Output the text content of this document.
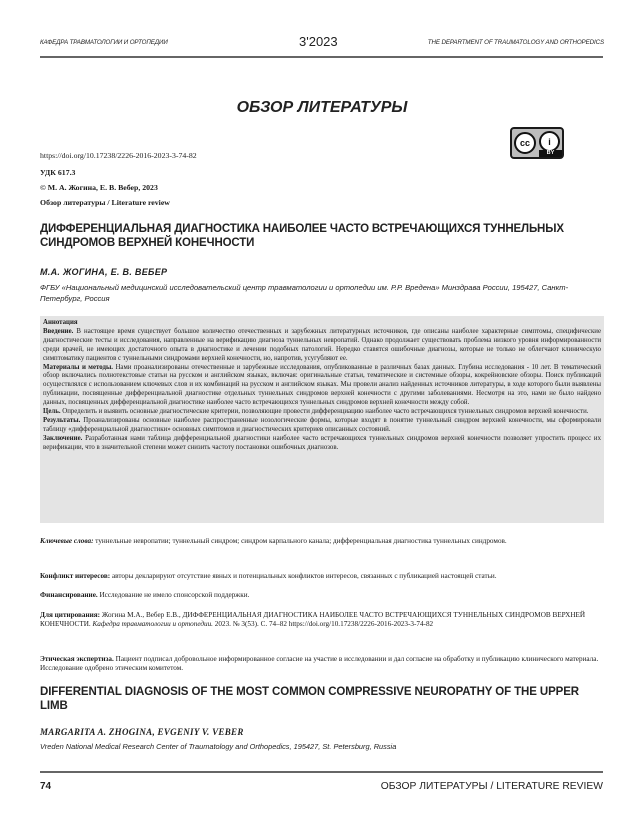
КАФЕДРА ТРАВМАТОЛОГИИ И ОРТОПЕДИИ	3'2023	THE DEPARTMENT OF TRAUMATOLOGY AND ORTHOPEDICS
ОБЗОР ЛИТЕРАТУРЫ
cc	i
BY
https://doi.org/10.17238/2226-2016-2023-3-74-82
УДК 617.3
© М. А. Жогина, Е. В. Вебер, 2023
Обзор литературы / Literature review
ДИФФЕРЕНЦИАЛЬНАЯ ДИАГНОСТИКА НАИБОЛЕЕ ЧАСТО ВСТРЕЧАЮЩИХСЯ ТУННЕЛЬНЫХ СИНДРОМОВ ВЕРХНЕЙ КОНЕЧНОСТИ
М.А. ЖОГИНА, Е. В. ВЕБЕР
ФГБУ «Национальный медицинский исследовательский центр травматологии и ортопедии им. Р.Р. Вредена» Минздрава России, 195427, Санкт-Петербург, Россия

Аннотация

Введение. В настоящее время существует большое количество отечественных и зарубежных литературных источников, где описаны наиболее характерные симптомы, специфические диагностические тесты и исследования, направленные на верификацию диагноза туннельных невропатий. Однако продолжает существовать проблема низкого уровня информированности среди врачей, не имеющих достаточного опыта в диагностике и лечении подобных патологий. Нередко ставятся ошибочные диагнозы, которые не только не облегчают клиническую симптоматику пациентов с туннельными синдромами верхней конечности, но, напротив, усугубляют ее.

Материалы и методы. Нами проанализированы отечественные и зарубежные исследования, опубликованные в различных базах данных. Глубина исследования - 10 лет. В тематический обзор включались полнотекстовые статьи на русском и английском языках, включая: оригинальные статьи, тематические и системные обзоры, кокрейновские обзоры. Поиск публикаций осуществлялся с использованием ключевых слов и их комбинаций на русском и английском языках. Мы провели анализ найденных источников литературы, в ходе которого были выявлены публикации, посвященные дифференциальной диагностике отдельных туннельных синдромов верхней конечности с другими заболеваниями. Несмотря на это, нами не было найдено данных, посвященных дифференциальной диагностике наиболее часто встречающихся туннельных синдромов верхней конечности между собой.

Цель. Определить и выявить основные диагностические критерии, позволяющие провести дифференциацию наиболее часто встречающихся туннельных синдромов верхней конечности.

Результаты. Проанализированы основные наиболее распространенные нозологические формы, которые входят в понятие туннельный синдром верхней конечности, мы сформировали таблицу «дифференциальной диагностики» основных симптомов и диагностических критериев описанных состояний.

Заключение. Разработанная нами таблица дифференциальной диагностики наиболее часто встречающихся туннельных синдромов верхней конечности позволяет упростить процесс их верификации, что в значительной степени может снизить частоту постановки ошибочных диагнозов.

Ключевые слова: туннельные невропатии; туннельный синдром; синдром карпального канала; дифференциальная диагностика туннельных синдромов.
Конфликт интересов: авторы декларируют отсутствие явных и потенциальных конфликтов интересов, связанных с публикацией настоящей статьи.
Финансирование. Исследование не имело спонсорской поддержки.
Для цитирования: Жогина М.А., Вебер Е.В., ДИФФЕРЕНЦИАЛЬНАЯ ДИАГНОСТИКА НАИБОЛЕЕ ЧАСТО ВСТРЕЧАЮЩИХСЯ ТУННЕЛЬНЫХ СИНДРОМОВ ВЕРХНЕЙ КОНЕЧНОСТИ. Кафедра травматологии и ортопедии. 2023. № 3(53). С. 74–82 https://doi.org/10.17238/2226-2016-2023-3-74-82
Этическая экспертиза. Пациент подписал добровольное информированное согласие на участие в исследовании и дал согласие на обработку и публикацию клинического материала. Исследование одобрено этическим комитетом.
DIFFERENTIAL DIAGNOSIS OF THE MOST COMMON COMPRESSIVE NEUROPATHY OF THE UPPER LIMB
MARGARITA A. ZHOGINA, EVGENIY V. VEBER
Vreden National Medical Research Center of Traumatology and Orthopedics, 195427, St. Petersburg, Russia
74	ОБЗОР ЛИТЕРАТУРЫ / LITERATURE REVIEW
